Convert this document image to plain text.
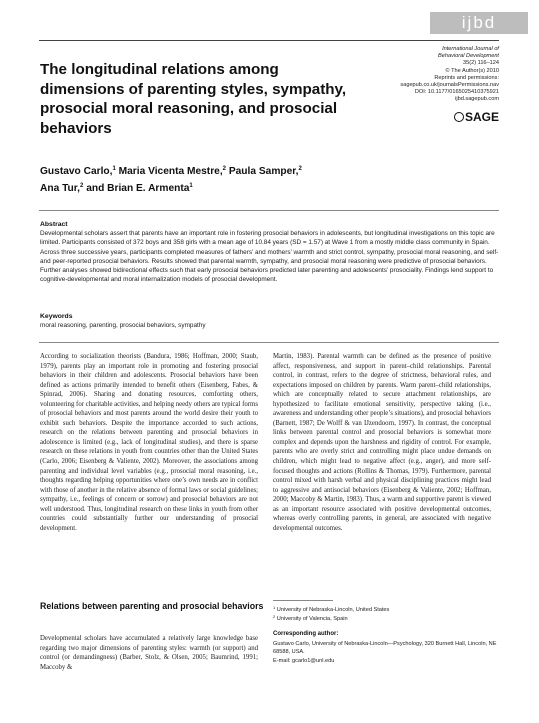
ijbd
International Journal of
Behavioral Development
35(2) 116–124
© The Author(s) 2010
Reprints and permissions:
sagepub.co.uk/journalsPermissions.nav
DOI: 10.1177/0165025410375921
ijbd.sagepub.com
SAGE
The longitudinal relations among dimensions of parenting styles, sympathy, prosocial moral reasoning, and prosocial behaviors
Gustavo Carlo,$^1$ Maria Vicenta Mestre,$^2$ Paula Samper,$^2$
Ana Tur,$^2$ and Brian E. Armenta$^1$
Abstract

Developmental scholars assert that parents have an important role in fostering prosocial behaviors in adolescents, but longitudinal investigations on this topic are limited. Participants consisted of 372 boys and 358 girls with a mean age of 10.84 years (SD = 1.57) at Wave 1 from a mostly middle class community in Spain. Across three successive years, participants completed measures of fathers’ and mothers’ warmth and strict control, sympathy, prosocial moral reasoning, and self- and peer-reported prosocial behaviors. Results showed that parental warmth, sympathy, and prosocial moral reasoning were predictive of prosocial behaviors. Further analyses showed bidirectional effects such that early prosocial behaviors predicted later parenting and adolescents’ prosociality. Findings lend support to cognitive-developmental and moral internalization models of prosocial development.

Keywords
moral reasoning, parenting, prosocial behaviors, sympathy

According to socialization theorists (Bandura, 1986; Hoffman, 2000; Staub, 1979), parents play an important role in promoting and fostering prosocial behaviors in their children and adolescents. Prosocial behaviors have been defined as actions primarily intended to benefit others (Eisenberg, Fabes, & Spinrad, 2006). Sharing and donating resources, comforting others, volunteering for charitable activities, and helping needy others are typical forms of prosocial behaviors and most parents around the world desire their youth to exhibit such behaviors. Despite the importance accorded to such actions, research on the relations between parenting and prosocial behaviors in adolescence is limited (e.g., lack of longitudinal studies), and there is sparse research on these relations in youth from countries other than the United States (Carlo, 2006; Eisenberg & Valiente, 2002). Moreover, the associations among parenting and individual level variables (e.g., prosocial moral reasoning, i.e., thoughts regarding helping opportunities where one’s own needs are in conflict with those of another in the relative absence of formal laws or social guidelines; sympathy, i.e., feelings of concern or sorrow) and prosocial behaviors are not well understood. Thus, longitudinal research on these links in youth from other countries could substantially further our understanding of prosocial development.

Relations between parenting and prosocial behaviors

Developmental scholars have accumulated a relatively large knowledge base regarding two major dimensions of parenting styles: warmth (or support) and control (or demandingness) (Barber, Stolz, & Olsen, 2005; Baumrind, 1991; Maccoby &

Martin, 1983). Parental warmth can be defined as the presence of positive affect, responsiveness, and support in parent–child relationships. Parental control, in contrast, refers to the degree of strictness, behavioral rules, and expectations imposed on children by parents. Warm parent–child relationships, which are conceptually related to secure attachment relationships, are hypothesized to facilitate emotional sensitivity, perspective taking (i.e., awareness and understanding other people’s situations), and prosocial behaviors (Barnett, 1987; De Wolff & van IJzendoorn, 1997). In contrast, the conceptual links between parental control and prosocial behaviors is somewhat more complex and depends upon the harshness and rigidity of control. For example, parents who are overly strict and controlling might place undue demands on children, which might lead to negative affect (e.g., anger), and more self-focused thoughts and actions (Rollins & Thomas, 1979). Furthermore, parental control mixed with harsh verbal and physical disciplining practices might lead to aggressive and antisocial behaviors (Eisenberg & Valiente, 2002; Hoffman, 2000; Maccoby & Martin, 1983). Thus, a warm and supportive parent is viewed as an important resource associated with positive developmental outcomes, whereas overly controlling parents, in general, are associated with negative developmental outcomes.

$^1$ University of Nebraska-Lincoln, United States
$^2$ University of Valencia, Spain
Corresponding author:
Gustavo Carlo, University of Nebraska-Lincoln—Psychology, 320 Burnett Hall, Lincoln, NE 68588, USA.
E-mail: gcarlo1@unl.edu
